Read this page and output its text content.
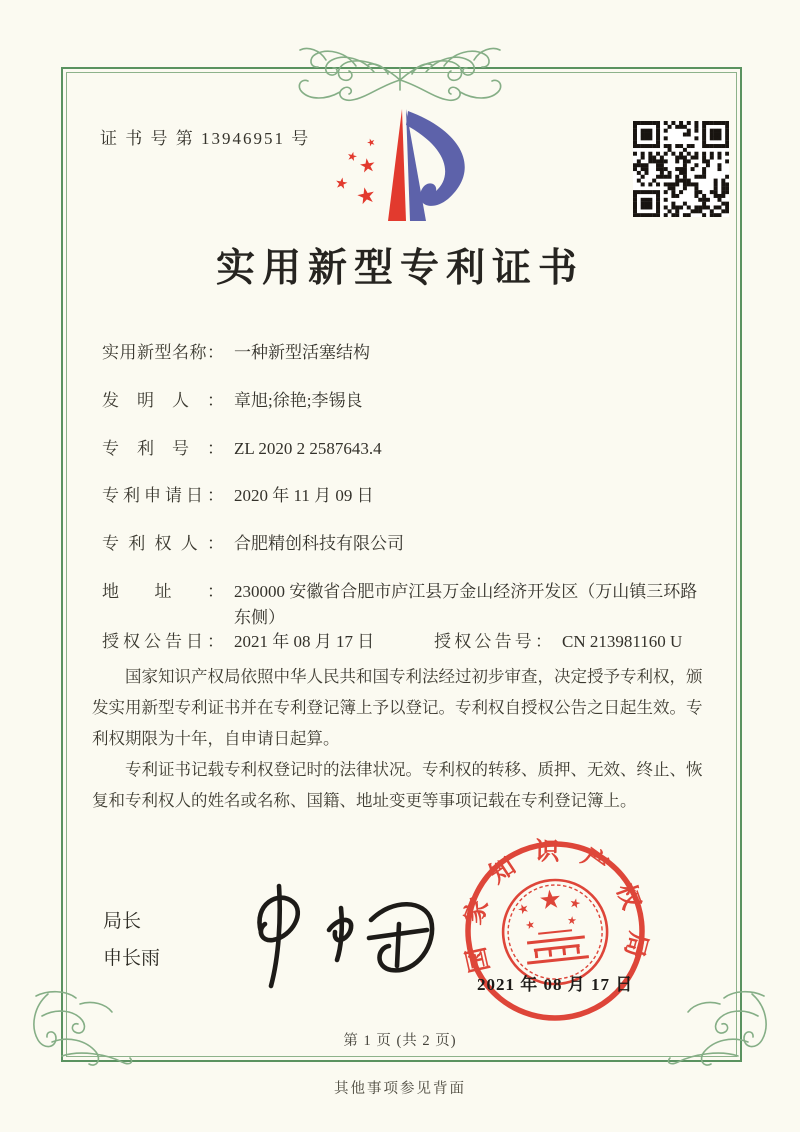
证 书 号 第 13946951 号
★
★
★
★
★
实用新型专利证书
实用新型名称： 一种新型活塞结构
发明人： 章旭;徐艳;李锡良
专利号： ZL 2020 2 2587643.4
专利申请日： 2020 年 11 月 09 日
专利权人： 合肥精创科技有限公司
地址： 230000 安徽省合肥市庐江县万金山经济开发区（万山镇三环路东侧）
授权公告日： 2021 年 08 月 17 日	授权公告号： CN 213981160 U

国家知识产权局依照中华人民共和国专利法经过初步审查，决定授予专利权，颁发实用新型专利证书并在专利登记簿上予以登记。专利权自授权公告之日起生效。专利权期限为十年，自申请日起算。

专利证书记载专利权登记时的法律状况。专利权的转移、质押、无效、终止、恢复和专利权人的姓名或名称、国籍、地址变更等事项记载在专利登记簿上。

局长
申长雨	国家知识产权局
★
★	★
★	★
2021 年 08 月 17 日
第 1 页 (共 2 页)
其他事项参见背面
